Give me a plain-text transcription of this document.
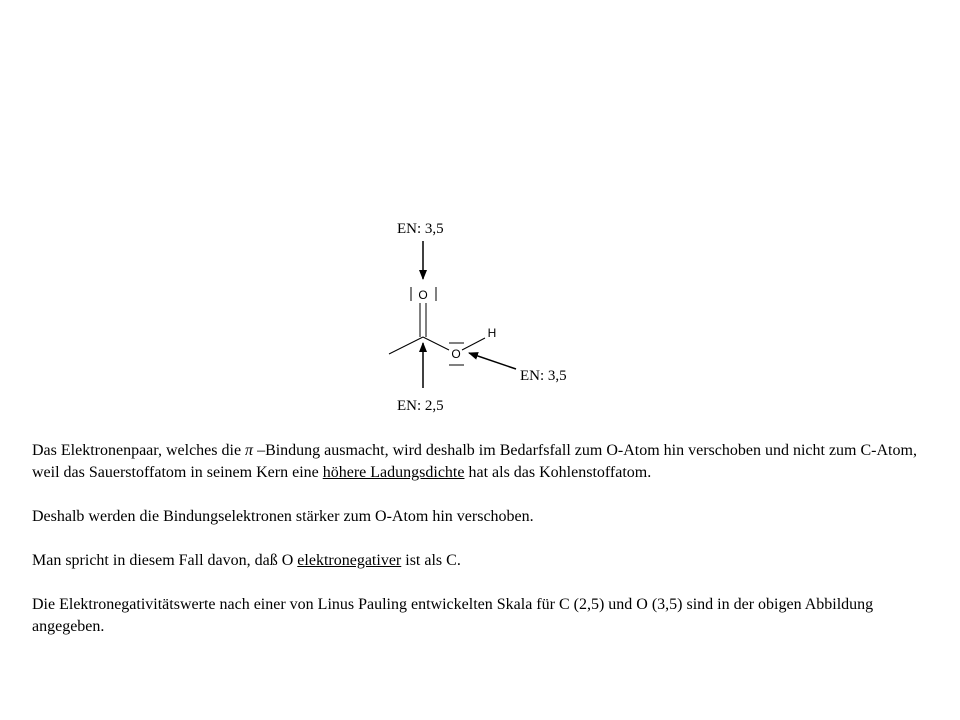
EN: 3,5
EN: 2,5
EN: 3,5
O
O
H

Das Elektronenpaar, welches die π –Bindung ausmacht, wird deshalb im Bedarfsfall zum O-Atom hin verschoben und nicht zum C-Atom, weil das Sauerstoffatom in seinem Kern eine höhere Ladungsdichte hat als das Kohlenstoffatom.

Deshalb werden die Bindungselektronen stärker zum O-Atom hin verschoben.

Man spricht in diesem Fall davon, daß O elektronegativer ist als C.

Die Elektronegativitätswerte nach einer von Linus Pauling entwickelten Skala für C (2,5) und O (3,5) sind in der obigen Abbildung angegeben.
